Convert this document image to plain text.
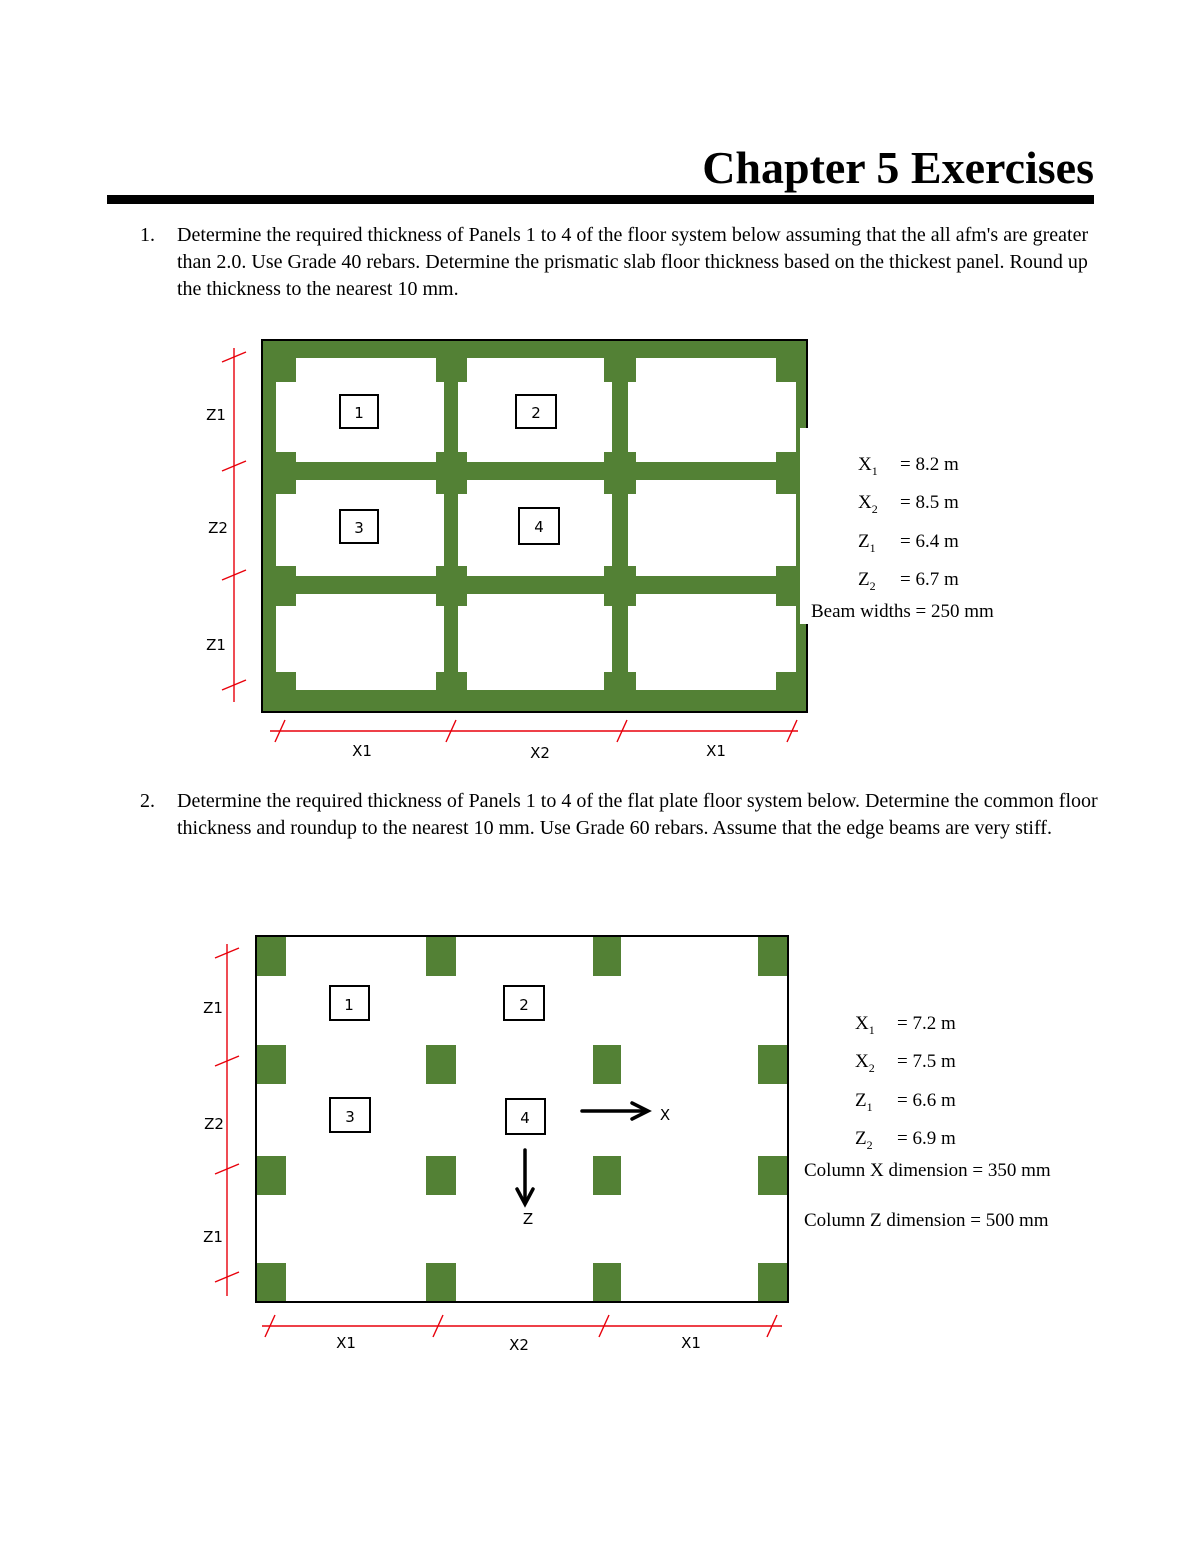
Chapter 5 Exercises
1. Determine the required thickness of Panels 1 to 4 of the floor system below assuming that the all afm's are greater than 2.0. Use Grade 40 rebars. Determine the prismatic slab floor thickness based on the thickest panel. Round up the thickness to the nearest 10 mm.
1	2
3	4
Z1
Z2
Z1
X1	X2	X1
$X_1$	= 8.2 m
$X_2$	= 8.5 m
$Z_1$	= 6.4 m
$Z_2$	= 6.7 m
Beam widths = 250 mm
2. Determine the required thickness of Panels 1 to 4 of the flat plate floor system below. Determine the common floor thickness and roundup to the nearest 10 mm. Use Grade 60 rebars. Assume that the edge beams are very stiff.
1	2
3	4	X
Z
Z1
Z2
Z1
X1	X2	X1
$X_1$	= 7.2 m
$X_2$	= 7.5 m
$Z_1$	= 6.6 m
$Z_2$	= 6.9 m
Column X dimension = 350 mm
Column Z dimension = 500 mm
